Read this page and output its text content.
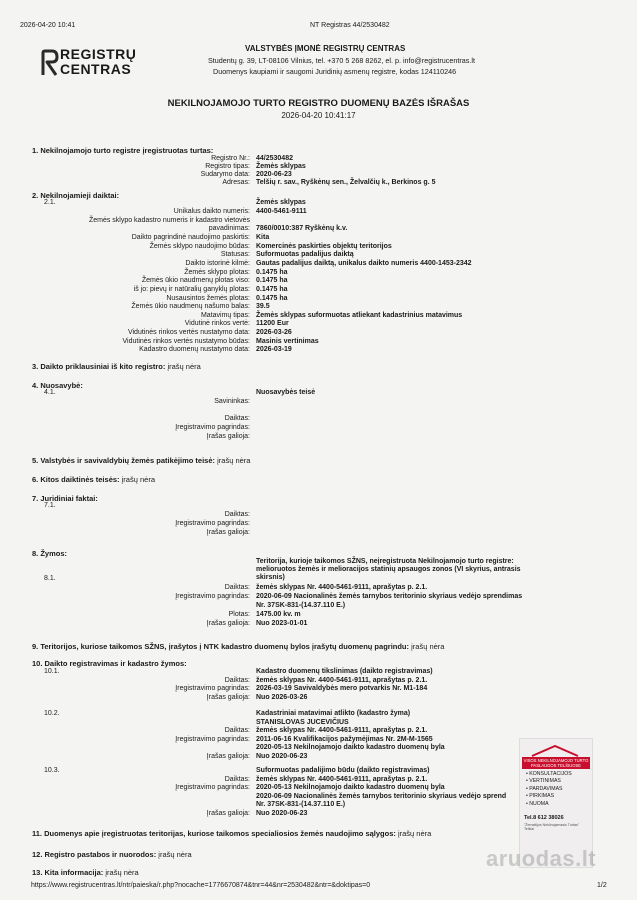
2026-04-20 10:41	NT Registras 44/2530482
REGISTRŲ
CENTRAS
VALSTYBĖS ĮMONĖ REGISTRŲ CENTRAS
Studentų g. 39, LT-08106 Vilnius, tel. +370 5 268 8262, el. p. info@registrucentras.lt
Duomenys kaupiami ir saugomi Juridinių asmenų registre, kodas 124110246
NEKILNOJAMOJO TURTO REGISTRO DUOMENŲ BAZĖS IŠRAŠAS
2026-04-20 10:41:17
1. Nekilnojamojo turto registre įregistruotas turtas:
Registro Nr.: 44/2530482
Registro tipas: Žemės sklypas
Sudarymo data: 2020-06-23
Adresas: Telšių r. sav., Ryškėnų sen., Želvalčių k., Berkinos g. 5
2. Nekilnojamieji daiktai:
2.1.	Žemės sklypas
Unikalus daikto numeris: 4400-5461-9111
Žemės sklypo kadastro numeris ir kadastro vietovės
pavadinimas: 7860/0010:387 Ryškėnų k.v.
Daikto pagrindinė naudojimo paskirtis: Kita
Žemės sklypo naudojimo būdas: Komercinės paskirties objektų teritorijos
Statusas: Suformuotas padalijus daiktą
Daikto istorinė kilmė: Gautas padalijus daiktą, unikalus daikto numeris 4400-1453-2342
Žemės sklypo plotas: 0.1475 ha
Žemės ūkio naudmenų plotas viso: 0.1475 ha
iš jo: pievų ir natūralių ganyklų plotas: 0.1475 ha
Nusausintos žemės plotas: 0.1475 ha
Žemės ūkio naudmenų našumo balas: 39.5
Matavimų tipas: Žemės sklypas suformuotas atliekant kadastrinius matavimus
Vidutinė rinkos vertė: 11200 Eur
Vidutinės rinkos vertės nustatymo data: 2026-03-26
Vidutinės rinkos vertės nustatymo būdas: Masinis vertinimas
Kadastro duomenų nustatymo data: 2026-03-19
3. Daikto priklausiniai iš kito registro: įrašų nėra
4. Nuosavybė:
4.1.	Nuosavybės teisė
Savininkas:
Daiktas:
Įregistravimo pagrindas:
Įrašas galioja:
5. Valstybės ir savivaldybių žemės patikėjimo teisė: įrašų nėra
6. Kitos daiktinės teisės: įrašų nėra
7. Juridiniai faktai:
7.1.
Daiktas:
Įregistravimo pagrindas:
Įrašas galioja:
8. Žymos:
Teritorija, kurioje taikomos SŽNS, neįregistruota Nekilnojamojo turto registre:
melioruotos žemės ir melioracijos statinių apsaugos zonos (VI skyrius, antrasis
skirsnis)
8.1.
Daiktas: žemės sklypas Nr. 4400-5461-9111, aprašytas p. 2.1.
Įregistravimo pagrindas: 2020-06-09 Nacionalinės žemės tarnybos teritorinio skyriaus vedėjo sprendimas
Nr. 37SK-831-(14.37.110 E.)
Plotas: 1475.00 kv. m
Įrašas galioja: Nuo 2023-01-01
9. Teritorijos, kuriose taikomos SŽNS, įrašytos į NTK kadastro duomenų bylos įrašytų duomenų pagrindu: įrašų nėra
10. Daikto registravimas ir kadastro žymos:
10.1.	Kadastro duomenų tikslinimas (daikto registravimas)
Daiktas: žemės sklypas Nr. 4400-5461-9111, aprašytas p. 2.1.
Įregistravimo pagrindas: 2026-03-19 Savivaldybės mero potvarkis Nr. M1-184
Įrašas galioja: Nuo 2026-03-26
10.2.	Kadastriniai matavimai atlikto (kadastro žyma)
STANISLOVAS JUCEVIČIUS
Daiktas: žemės sklypas Nr. 4400-5461-9111, aprašytas p. 2.1.
Įregistravimo pagrindas: 2011-06-16 Kvalifikacijos pažymėjimas Nr. 2M-M-1565
2020-05-13 Nekilnojamojo daikto kadastro duomenų byla
Įrašas galioja: Nuo 2020-06-23
10.3.	Suformuotas padalijimo būdu (daikto registravimas)
Daiktas: žemės sklypas Nr. 4400-5461-9111, aprašytas p. 2.1.
Įregistravimo pagrindas: 2020-05-13 Nekilnojamojo daikto kadastro duomenų byla
2020-06-09 Nacionalinės žemės tarnybos teritorinio skyriaus vedėjo sprend
Nr. 37SK-831-(14.37.110 E.)
Įrašas galioja: Nuo 2020-06-23
11. Duomenys apie įregistruotas teritorijas, kuriose taikomos specialiosios žemės naudojimo sąlygos: įrašų nėra
12. Registro pastabos ir nuorodos: įrašų nėra
13. Kita informacija: įrašų nėra
https://www.registrucentras.lt/ntr/paieska/r.php?nocache=1776670874&tnr=44&nr=2530482&ntr=&doktipas=0	1/2
VISOS NEKILNOJAMOJO TURTO PASLAUGOS TELŠIUOSE
• KONSULTACIJOS
• VERTINIMAS
• PARDAVIMAS
• PIRKIMAS
• NUOMA
Tel.8 612 38026
"Žemaitijos Nekilnojamasis Turtas" Telšiai
aruodas.lt
